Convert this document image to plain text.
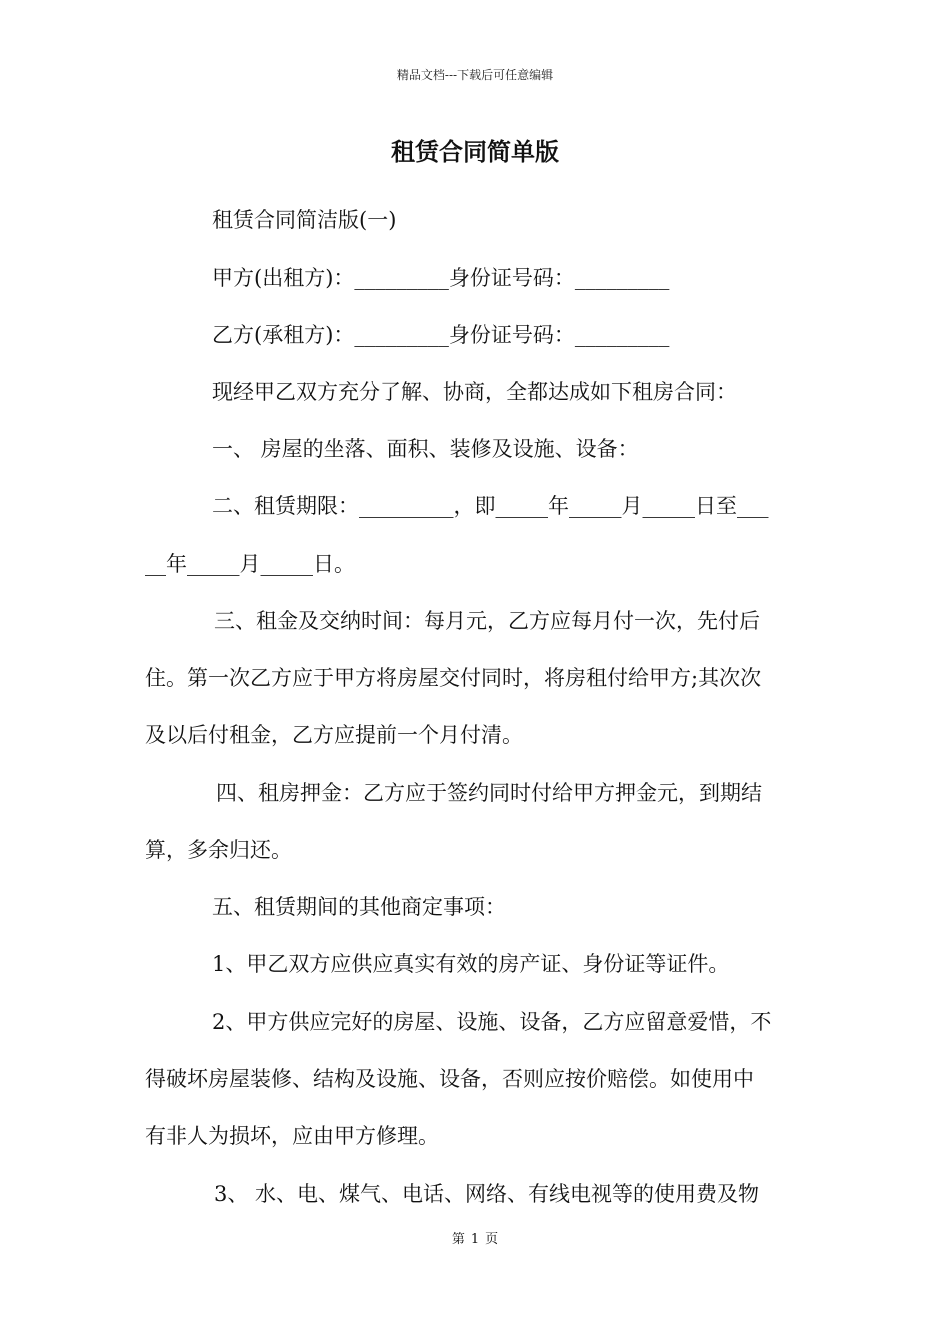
精品文档---下载后可任意编辑
租赁合同简单版
租赁合同简洁版(一)
甲方(出租方)：_________身份证号码：_________
乙方(承租方)：_________身份证号码：_________
现经甲乙双方充分了解、协商，全都达成如下租房合同：
一、 房屋的坐落、面积、装修及设施、设备：
二、租赁期限：_________，即_____年_____月_____日至___
__年_____月_____日。
三、租金及交纳时间：每月元，乙方应每月付一次，先付后
住。第一次乙方应于甲方将房屋交付同时，将房租付给甲方;其次次
及以后付租金，乙方应提前一个月付清。
四、租房押金：乙方应于签约同时付给甲方押金元，到期结
算，多余归还。
五、租赁期间的其他商定事项：
1、甲乙双方应供应真实有效的房产证、身份证等证件。
2、甲方供应完好的房屋、设施、设备，乙方应留意爱惜，不
得破坏房屋装修、结构及设施、设备，否则应按价赔偿。如使用中
有非人为损坏，应由甲方修理。
3、 水、电、煤气、电话、网络、有线电视等的使用费及物
第 1 页
